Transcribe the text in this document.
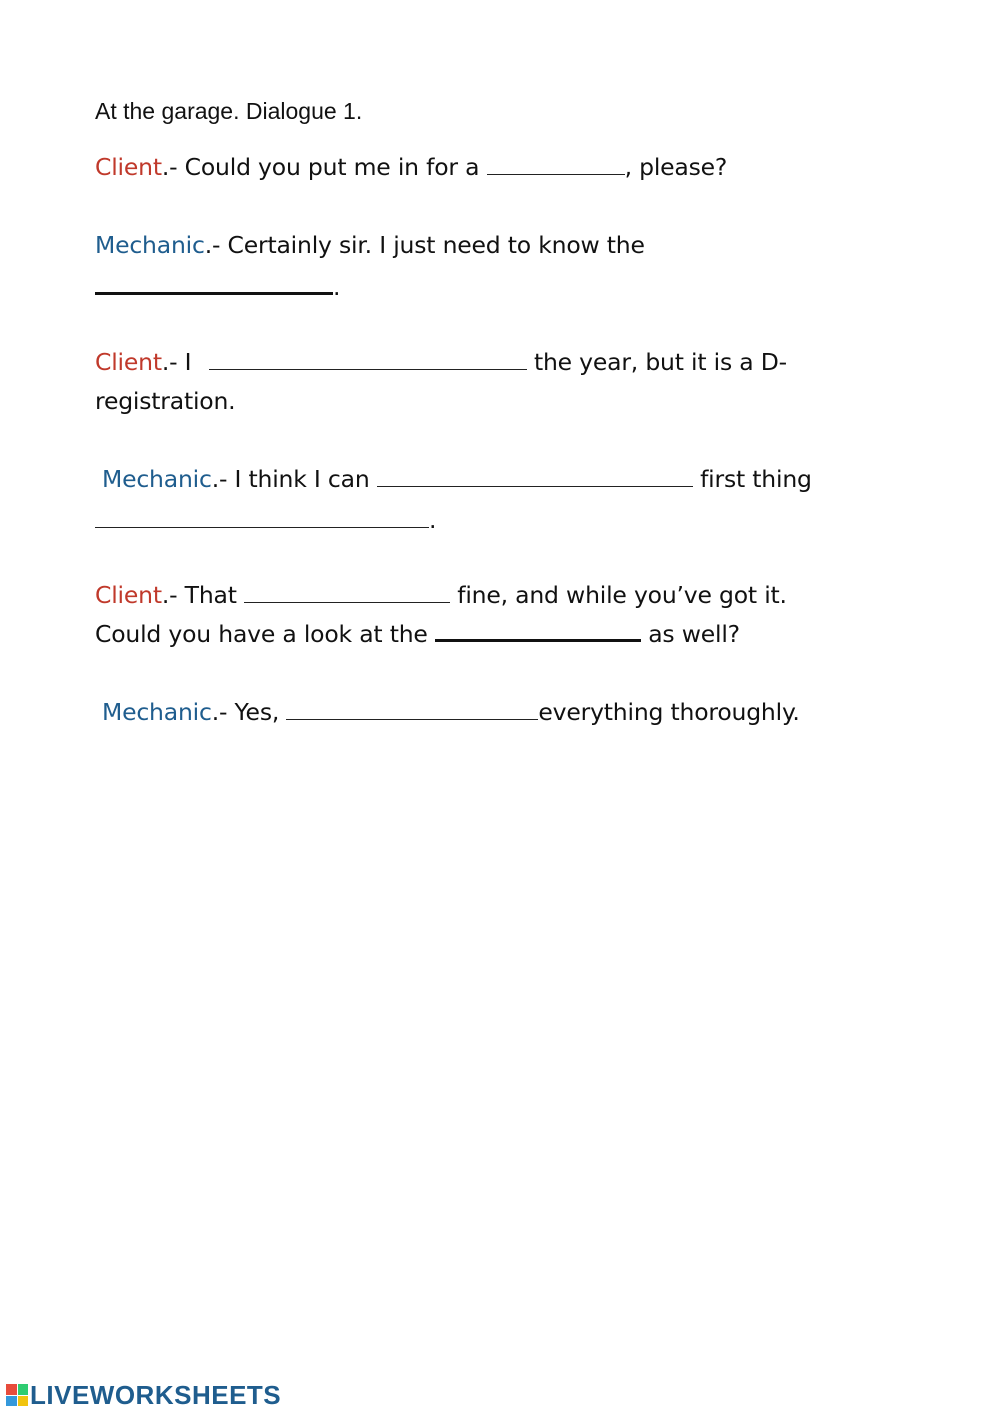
At the garage. Dialogue 1.
Client.- Could you put me in for a	, please?
Mechanic.- Certainly sir. I just need to know the
.
Client.- I	the year, but it is a D-
registration.
Mechanic.- I think I can	first thing
.
Client.- That	fine, and while you’ve got it.
Could you have a look at the	as well?
Mechanic.- Yes,	everything thoroughly.
LIVEWORKSHEETS
